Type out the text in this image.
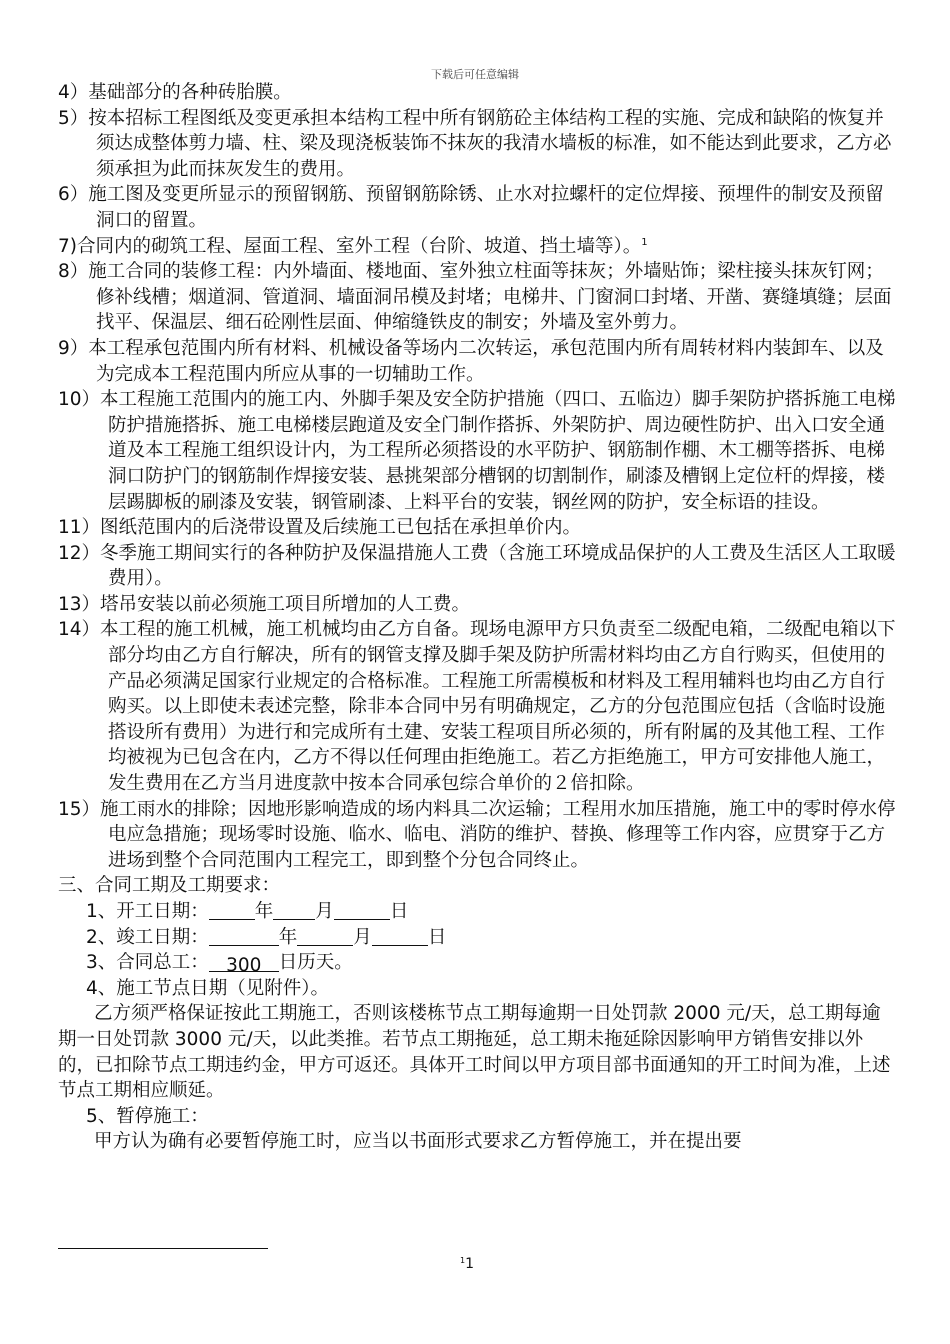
下载后可任意编辑

4）基础部分的各种砖胎膜。

5）按本招标工程图纸及变更承担本结构工程中所有钢筋砼主体结构工程的实施、完成和缺陷的恢复并须达成整体剪力墙、柱、梁及现浇板装饰不抹灰的我清水墙板的标准，如不能达到此要求，乙方必须承担为此而抹灰发生的费用。

6）施工图及变更所显示的预留钢筋、预留钢筋除锈、止水对拉螺杆的定位焊接、预埋件的制安及预留洞口的留置。

7)合同内的砌筑工程、屋面工程、室外工程（台阶、坡道、挡土墙等）。$^1$

8）施工合同的装修工程：内外墙面、楼地面、室外独立柱面等抹灰；外墙贴饰；梁柱接头抹灰钉网；修补线槽；烟道洞、管道洞、墙面洞吊模及封堵；电梯井、门窗洞口封堵、开凿、赛缝填缝；层面找平、保温层、细石砼刚性层面、伸缩缝铁皮的制安；外墙及室外剪力。

9）本工程承包范围内所有材料、机械设备等场内二次转运，承包范围内所有周转材料内装卸车、以及为完成本工程范围内所应从事的一切辅助工作。

10）本工程施工范围内的施工内、外脚手架及安全防护措施（四口、五临边）脚手架防护搭拆施工电梯防护措施搭拆、施工电梯楼层跑道及安全门制作搭拆、外架防护、周边硬性防护、出入口安全通道及本工程施工组织设计内，为工程所必须搭设的水平防护、钢筋制作棚、木工棚等搭拆、电梯洞口防护门的钢筋制作焊接安装、悬挑架部分槽钢的切割制作，刷漆及槽钢上定位杆的焊接，楼层踢脚板的刷漆及安装，钢管刷漆、上料平台的安装，钢丝网的防护，安全标语的挂设。

11）图纸范围内的后浇带设置及后续施工已包括在承担单价内。

12）冬季施工期间实行的各种防护及保温措施人工费（含施工环境成品保护的人工费及生活区人工取暖费用）。

13）塔吊安装以前必须施工项目所增加的人工费。

14）本工程的施工机械，施工机械均由乙方自备。现场电源甲方只负责至二级配电箱，二级配电箱以下部分均由乙方自行解决，所有的钢管支撑及脚手架及防护所需材料均由乙方自行购买，但使用的产品必须满足国家行业规定的合格标准。工程施工所需模板和材料及工程用辅料也均由乙方自行购买。以上即使未表述完整，除非本合同中另有明确规定，乙方的分包范围应包括（含临时设施搭设所有费用）为进行和完成所有土建、安装工程项目所必须的，所有附属的及其他工程、工作均被视为已包含在内，乙方不得以任何理由拒绝施工。若乙方拒绝施工，甲方可安排他人施工，发生费用在乙方当月进度款中按本合同承包综合单价的２倍扣除。

15）施工雨水的排除；因地形影响造成的场内料具二次运输；工程用水加压措施，施工中的零时停水停电应急措施；现场零时设施、临水、临电、消防的维护、替换、修理等工作内容，应贯穿于乙方进场到整个合同范围内工程完工，即到整个分包合同终止。

三、合同工期及工期要求：

1、开工日期： 年 月	日

2、竣工日期：	年	月	日

3、合同总工： 300 日历天。

4、施工节点日期（见附件）。

乙方须严格保证按此工期施工，否则该楼栋节点工期每逾期一日处罚款 2000 元/天，总工期每逾期一日处罚款 3000 元/天，以此类推。若节点工期拖延，总工期未拖延除因影响甲方销售安排以外的，已扣除节点工期违约金，甲方可返还。具体开工时间以甲方项目部书面通知的开工时间为准，上述节点工期相应顺延。

5、暂停施工：

甲方认为确有必要暂停施工时，应当以书面形式要求乙方暂停施工，并在提出要

$^1$1
